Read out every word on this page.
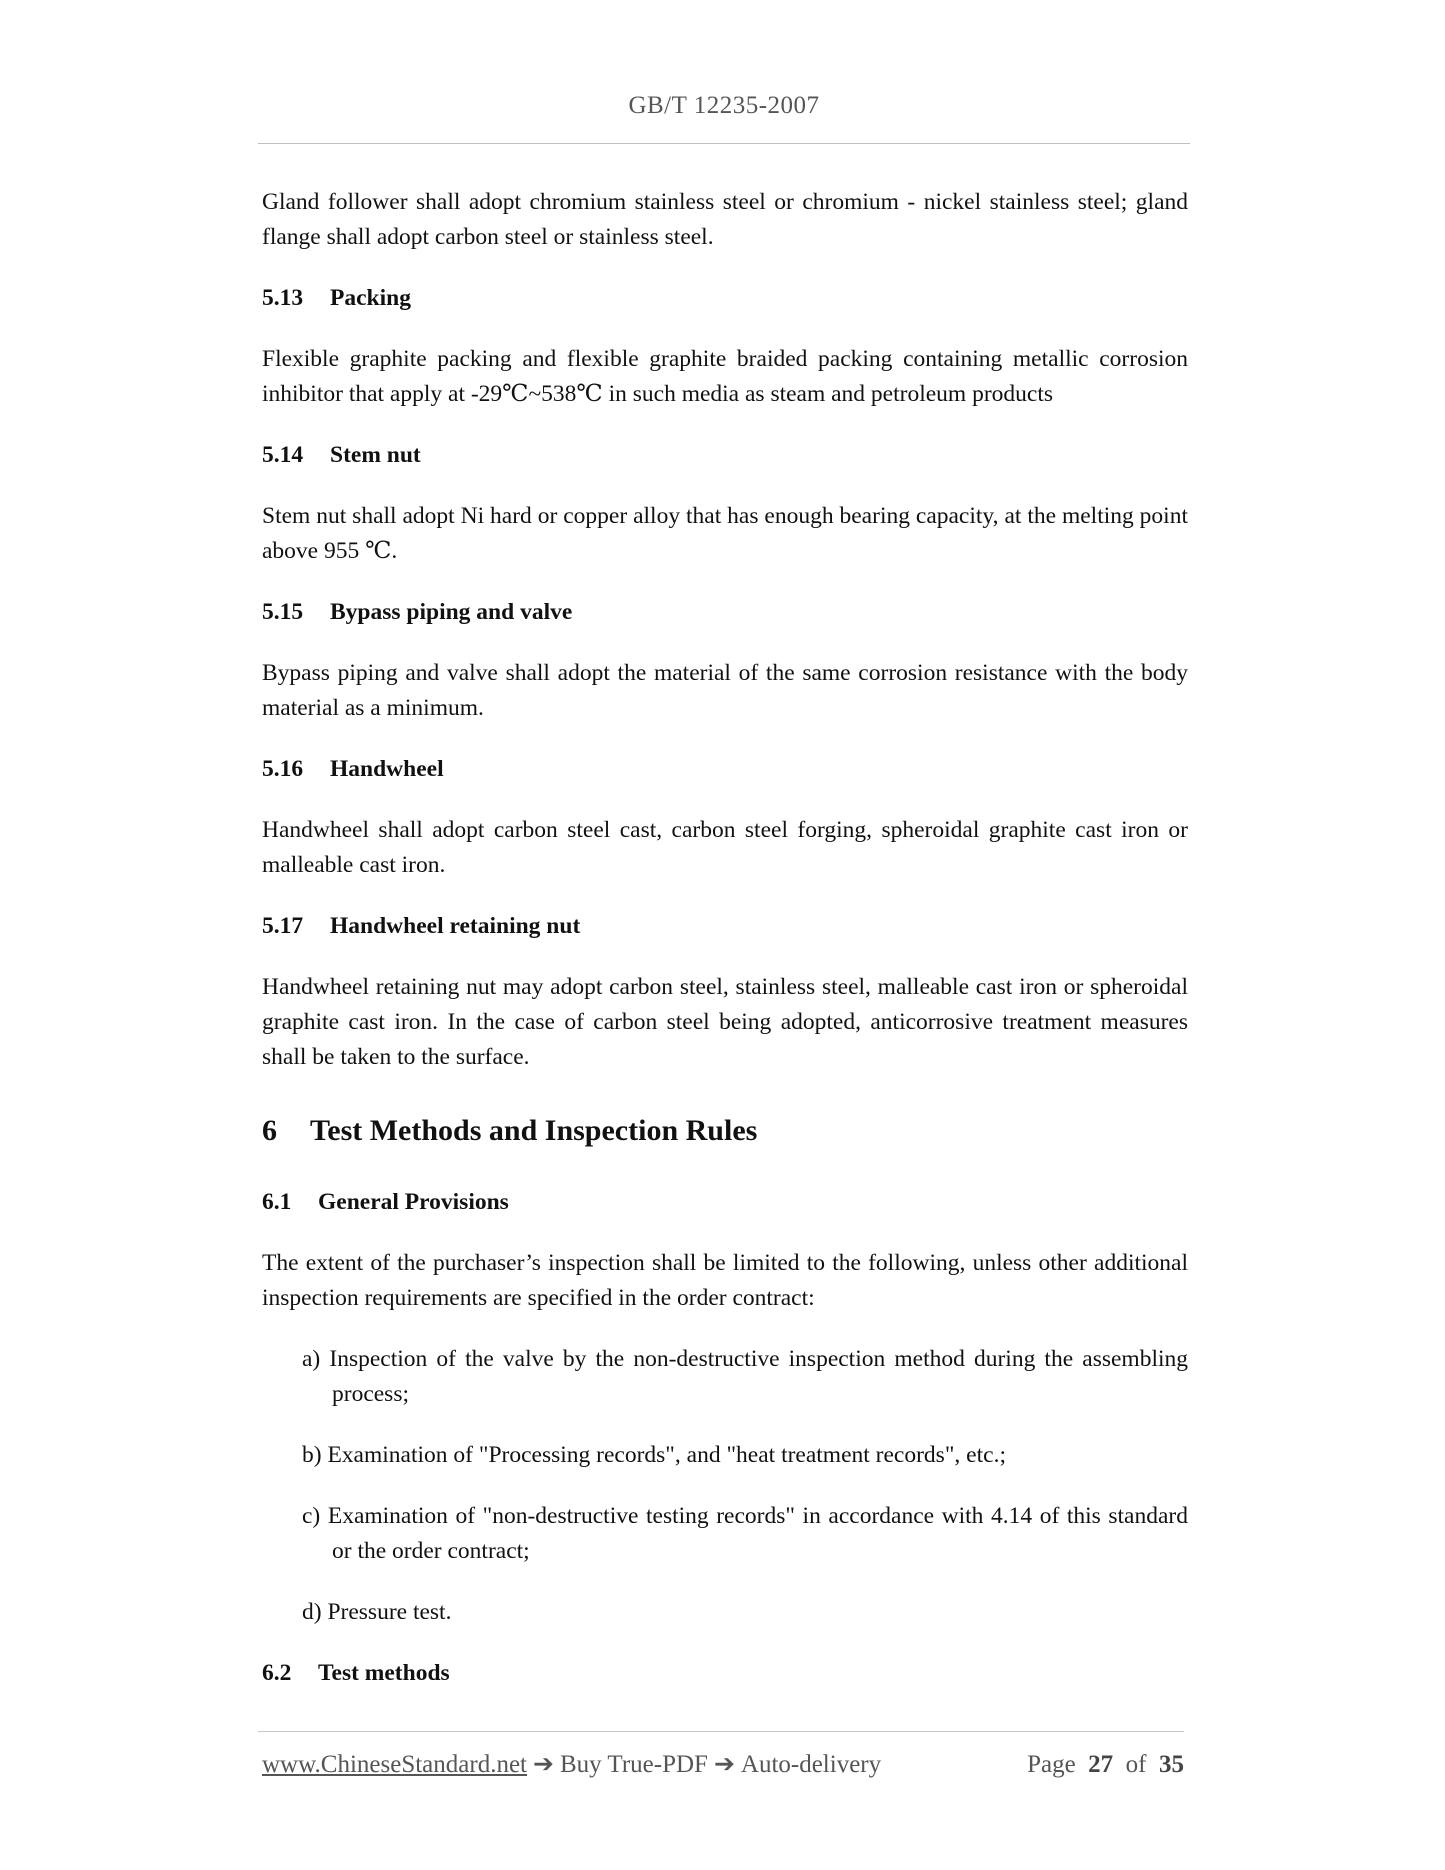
GB/T 12235-2007

Gland follower shall adopt chromium stainless steel or chromium - nickel stainless steel; gland flange shall adopt carbon steel or stainless steel.

5.13 Packing

Flexible graphite packing and flexible graphite braided packing containing metallic corrosion inhibitor that apply at -29℃~538℃ in such media as steam and petroleum products

5.14 Stem nut

Stem nut shall adopt Ni hard or copper alloy that has enough bearing capacity, at the melting point above 955 ℃.

5.15 Bypass piping and valve

Bypass piping and valve shall adopt the material of the same corrosion resistance with the body material as a minimum.

5.16 Handwheel

Handwheel shall adopt carbon steel cast, carbon steel forging, spheroidal graphite cast iron or malleable cast iron.

5.17 Handwheel retaining nut

Handwheel retaining nut may adopt carbon steel, stainless steel, malleable cast iron or spheroidal graphite cast iron. In the case of carbon steel being adopted, anticorrosive treatment measures shall be taken to the surface.

6 Test Methods and Inspection Rules
6.1 General Provisions

The extent of the purchaser’s inspection shall be limited to the following, unless other additional inspection requirements are specified in the order contract:

a) Inspection of the valve by the non-destructive inspection method during the assembling process;
b) Examination of "Processing records", and "heat treatment records", etc.;
c) Examination of "non-destructive testing records" in accordance with 4.14 of this standard or the order contract;
d) Pressure test.
6.2 Test methods
www.ChineseStandard.net ➔ Buy True-PDF ➔ Auto-delivery	Page 27 of 35
